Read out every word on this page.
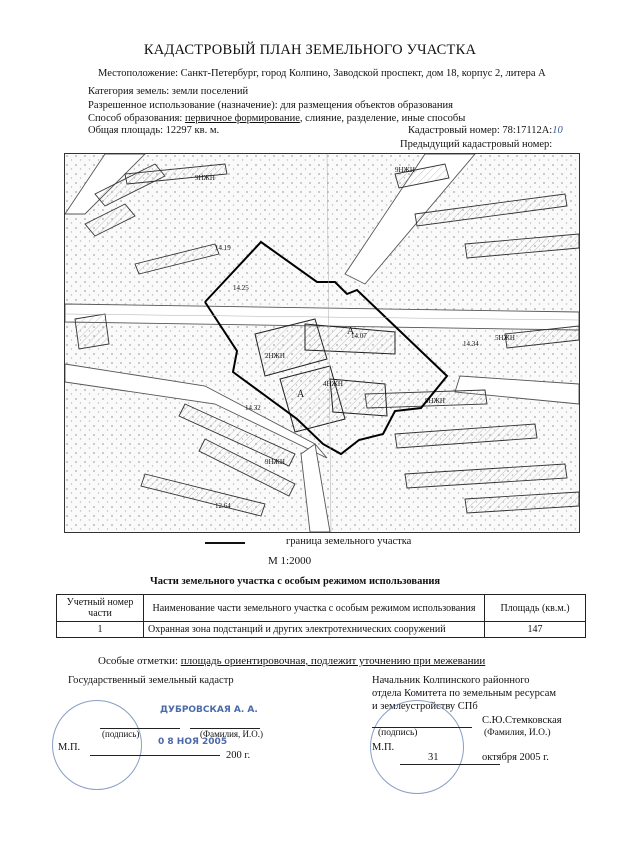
КАДАСТРОВЫЙ ПЛАН ЗЕМЕЛЬНОГО УЧАСТКА
Местоположение: Санкт-Петербург, город Колпино, Заводской проспект, дом 18, корпус 2, литера А
Категория земель: земли поселений
Разрешенное использование (назначение): для размещения объектов образования
Способ образования: первичное формирование, слияние, разделение, иные способы
Общая площадь: 12297 кв. м.	Кадастровый номер: 78:17112А:10
Предыдущий кадастровый номер:
А
А
14.25
14.07
14.34
14.19
14.32
12.64
2НЖН
4НЖН
9НЖН
9НЖН
5НЖН
9НЖН
9НЖН
граница земельного участка
М 1:2000
Части земельного участка с особым режимом использования
Учетный номер части	Наименование части земельного участка с особым режимом использования	Площадь (кв.м.)
1	Охранная зона подстанций и других электротехнических сооружений	147
Особые отметки: площадь ориентировочная, подлежит уточнению при межевании
Государственный земельный кадастр
ДУБРОВСКАЯ А. А.
(подпись)	(Фамилия, И.О.)
0 8 НОЯ 2005
М.П.
200 г.
Начальник Колпинского районного
отдела Комитета по земельным ресурсам
и землеустройству СПб
С.Ю.Стемковская
(подпись)	(Фамилия, И.О.)
М.П.
31	октября 2005 г.
